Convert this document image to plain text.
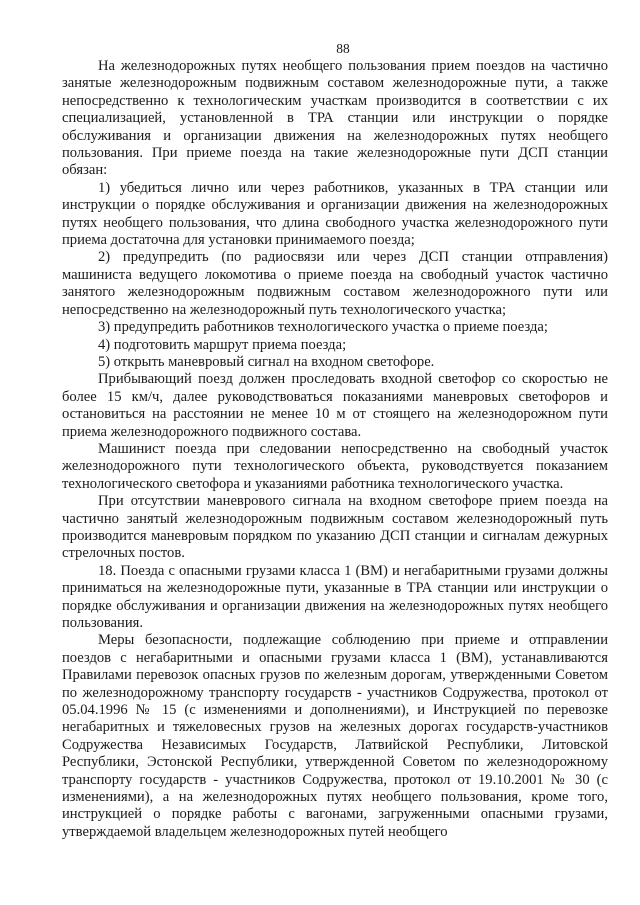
88

На железнодорожных путях необщего пользования прием поездов на частично занятые железнодорожным подвижным составом железнодорожные пути, а также непосредственно к технологическим участкам производится в соответствии с их специализацией, установленной в ТРА станции или инструкции о порядке обслуживания и организации движения на железнодорожных путях необщего пользования. При приеме поезда на такие железнодорожные пути ДСП станции обязан:

1) убедиться лично или через работников, указанных в ТРА станции или инструкции о порядке обслуживания и организации движения на железнодорожных путях необщего пользования, что длина свободного участка железнодорожного пути приема достаточна для установки принимаемого поезда;

2) предупредить (по радиосвязи или через ДСП станции отправления) машиниста ведущего локомотива о приеме поезда на свободный участок частично занятого железнодорожным подвижным составом железнодорожного пути или непосредственно на железнодорожный путь технологического участка;

3) предупредить работников технологического участка о приеме поезда;

4) подготовить маршрут приема поезда;

5) открыть маневровый сигнал на входном светофоре.

Прибывающий поезд должен проследовать входной светофор со скоростью не более 15 км/ч, далее руководствоваться показаниями маневровых светофоров и остановиться на расстоянии не менее 10 м от стоящего на железнодорожном пути приема железнодорожного подвижного состава.

Машинист поезда при следовании непосредственно на свободный участок железнодорожного пути технологического объекта, руководствуется показанием технологического светофора и указаниями работника технологического участка.

При отсутствии маневрового сигнала на входном светофоре прием поезда на частично занятый железнодорожным подвижным составом железнодорожный путь производится маневровым порядком по указанию ДСП станции и сигналам дежурных стрелочных постов.

18. Поезда с опасными грузами класса 1 (ВМ) и негабаритными грузами должны приниматься на железнодорожные пути, указанные в ТРА станции или инструкции о порядке обслуживания и организации движения на железнодорожных путях необщего пользования.

Меры безопасности, подлежащие соблюдению при приеме и отправлении поездов с негабаритными и опасными грузами класса 1 (ВМ), устанавливаются Правилами перевозок опасных грузов по железным дорогам, утвержденными Советом по железнодорожному транспорту государств - участников Содружества, протокол от 05.04.1996 № 15 (с изменениями и дополнениями), и Инструкцией по перевозке негабаритных и тяжеловесных грузов на железных дорогах государств-участников Содружества Независимых Государств, Латвийской Республики, Литовской Республики, Эстонской Республики, утвержденной Советом по железнодорожному транспорту государств - участников Содружества, протокол от 19.10.2001 № 30 (с изменениями), а на железнодорожных путях необщего пользования, кроме того, инструкцией о порядке работы с вагонами, загруженными опасными грузами, утверждаемой владельцем железнодорожных путей необщего
